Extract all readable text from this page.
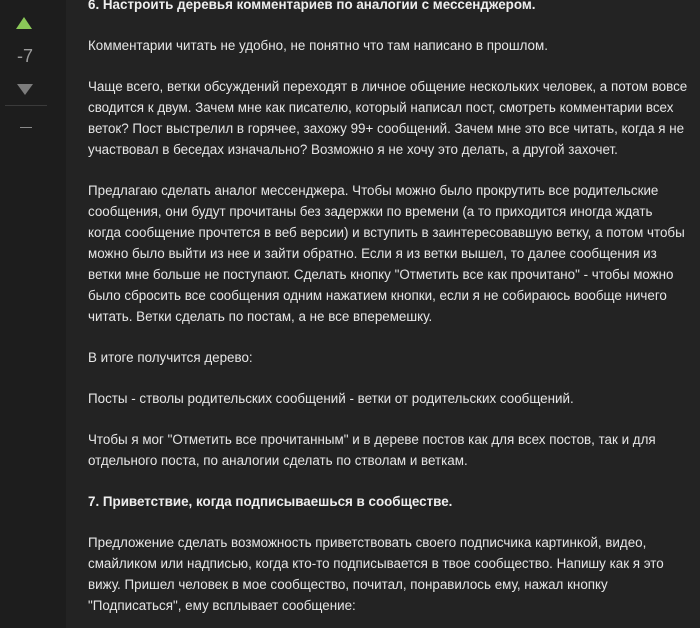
-7
6. Настроить деревья комментариев по аналогии с мессенджером.

Комментарии читать не удобно, не понятно что там написано в прошлом.

Чаще всего, ветки обсуждений переходят в личное общение нескольких человек, а потом вовсе сводится к двум. Зачем мне как писателю, который написал пост, смотреть комментарии всех веток? Пост выстрелил в горячее, захожу 99+ сообщений. Зачем мне это все читать, когда я не участвовал в беседах изначально? Возможно я не хочу это делать, а другой захочет.

Предлагаю сделать аналог мессенджера. Чтобы можно было прокрутить все родительские сообщения, они будут прочитаны без задержки по времени (а то приходится иногда ждать когда сообщение прочтется в веб версии) и вступить в заинтересовавшую ветку, а потом чтобы можно было выйти из нее и зайти обратно. Если я из ветки вышел, то далее сообщения из ветки мне больше не поступают. Сделать кнопку "Отметить все как прочитано" - чтобы можно было сбросить все сообщения одним нажатием кнопки, если я не собираюсь вообще ничего читать. Ветки сделать по постам, а не все вперемешку.

В итоге получится дерево:

Посты - стволы родительских сообщений - ветки от родительских сообщений.

Чтобы я мог "Отметить все прочитанным" и в дереве постов как для всех постов, так и для отдельного поста, по аналогии сделать по стволам и веткам.

7. Приветствие, когда подписываешься в сообществе.

Предложение сделать возможность приветствовать своего подписчика картинкой, видео, смайликом или надписью, когда кто-то подписывается в твое сообщество. Напишу как я это вижу. Пришел человек в мое сообщество, почитал, понравилось ему, нажал кнопку "Подписаться", ему всплывает сообщение:
